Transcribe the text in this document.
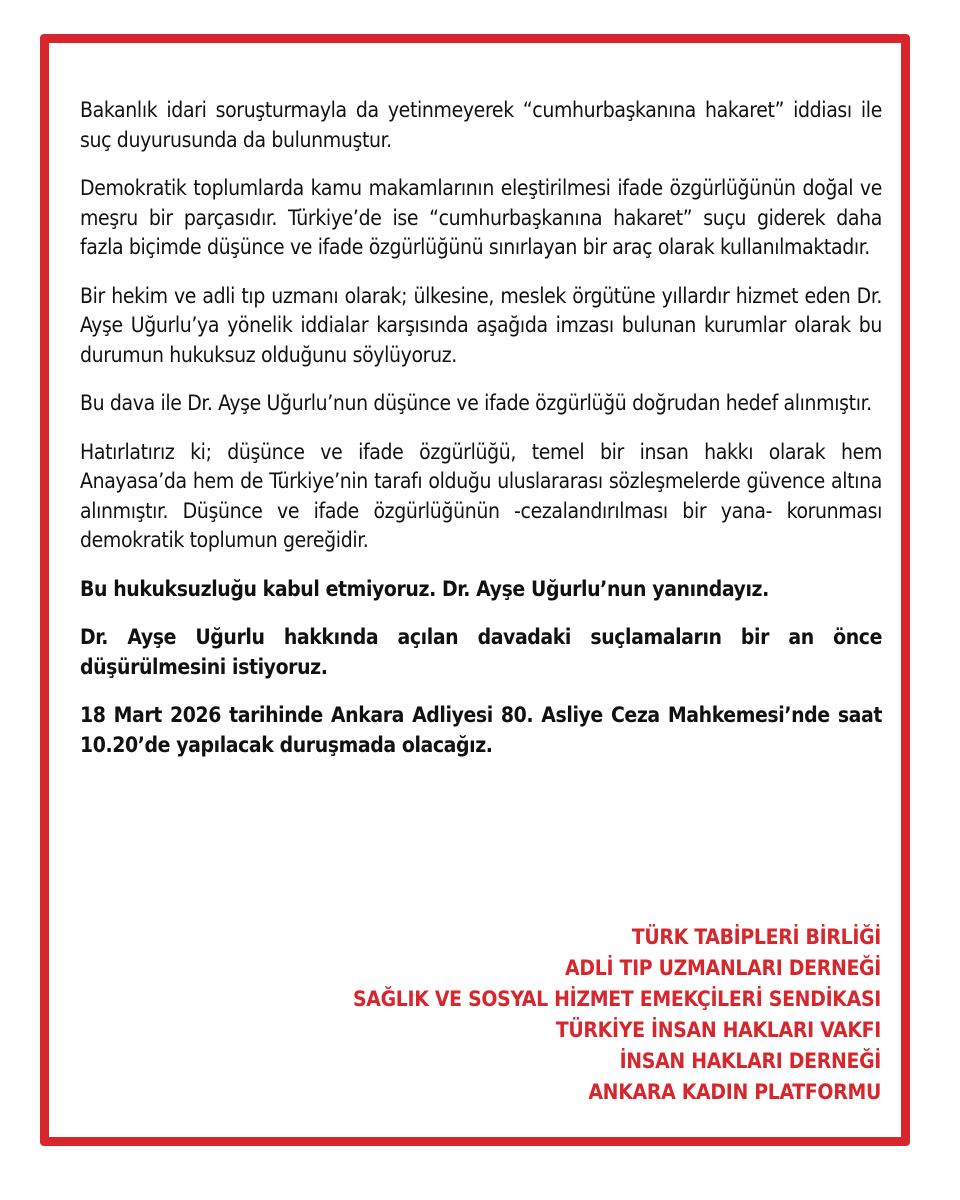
Bakanlık idari soruşturmayla da yetinmeyerek “cumhurbaşkanına hakaret” iddiası ile suç duyurusunda da bulunmuştur.

Demokratik toplumlarda kamu makamlarının eleştirilmesi ifade özgürlüğünün doğal ve meşru bir parçasıdır. Türkiye’de ise “cumhurbaşkanına hakaret” suçu giderek daha fazla biçimde düşünce ve ifade özgürlüğünü sınırlayan bir araç olarak kullanılmaktadır.

Bir hekim ve adli tıp uzmanı olarak; ülkesine, meslek örgütüne yıllardır hizmet eden Dr. Ayşe Uğurlu’ya yönelik iddialar karşısında aşağıda imzası bulunan kurumlar olarak bu durumun hukuksuz olduğunu söylüyoruz.

Bu dava ile Dr. Ayşe Uğurlu’nun düşünce ve ifade özgürlüğü doğrudan hedef alınmıştır.

Hatırlatırız ki; düşünce ve ifade özgürlüğü, temel bir insan hakkı olarak hem Anayasa’da hem de Türkiye’nin tarafı olduğu uluslararası sözleşmelerde güvence altına alınmıştır. Düşünce ve ifade özgürlüğünün -cezalandırılması bir yana- korunması demokratik toplumun gereğidir.

Bu hukuksuzluğu kabul etmiyoruz. Dr. Ayşe Uğurlu’nun yanındayız.

Dr. Ayşe Uğurlu hakkında açılan davadaki suçlamaların bir an önce düşürülmesini istiyoruz.

18 Mart 2026 tarihinde Ankara Adliyesi 80. Asliye Ceza Mahkemesi’nde saat 10.20’de yapılacak duruşmada olacağız.

TÜRK TABİPLERİ BİRLİĞİ
ADLİ TIP UZMANLARI DERNEĞİ
SAĞLIK VE SOSYAL HİZMET EMEKÇİLERİ SENDİKASI
TÜRKİYE İNSAN HAKLARI VAKFI
İNSAN HAKLARI DERNEĞİ
ANKARA KADIN PLATFORMU
